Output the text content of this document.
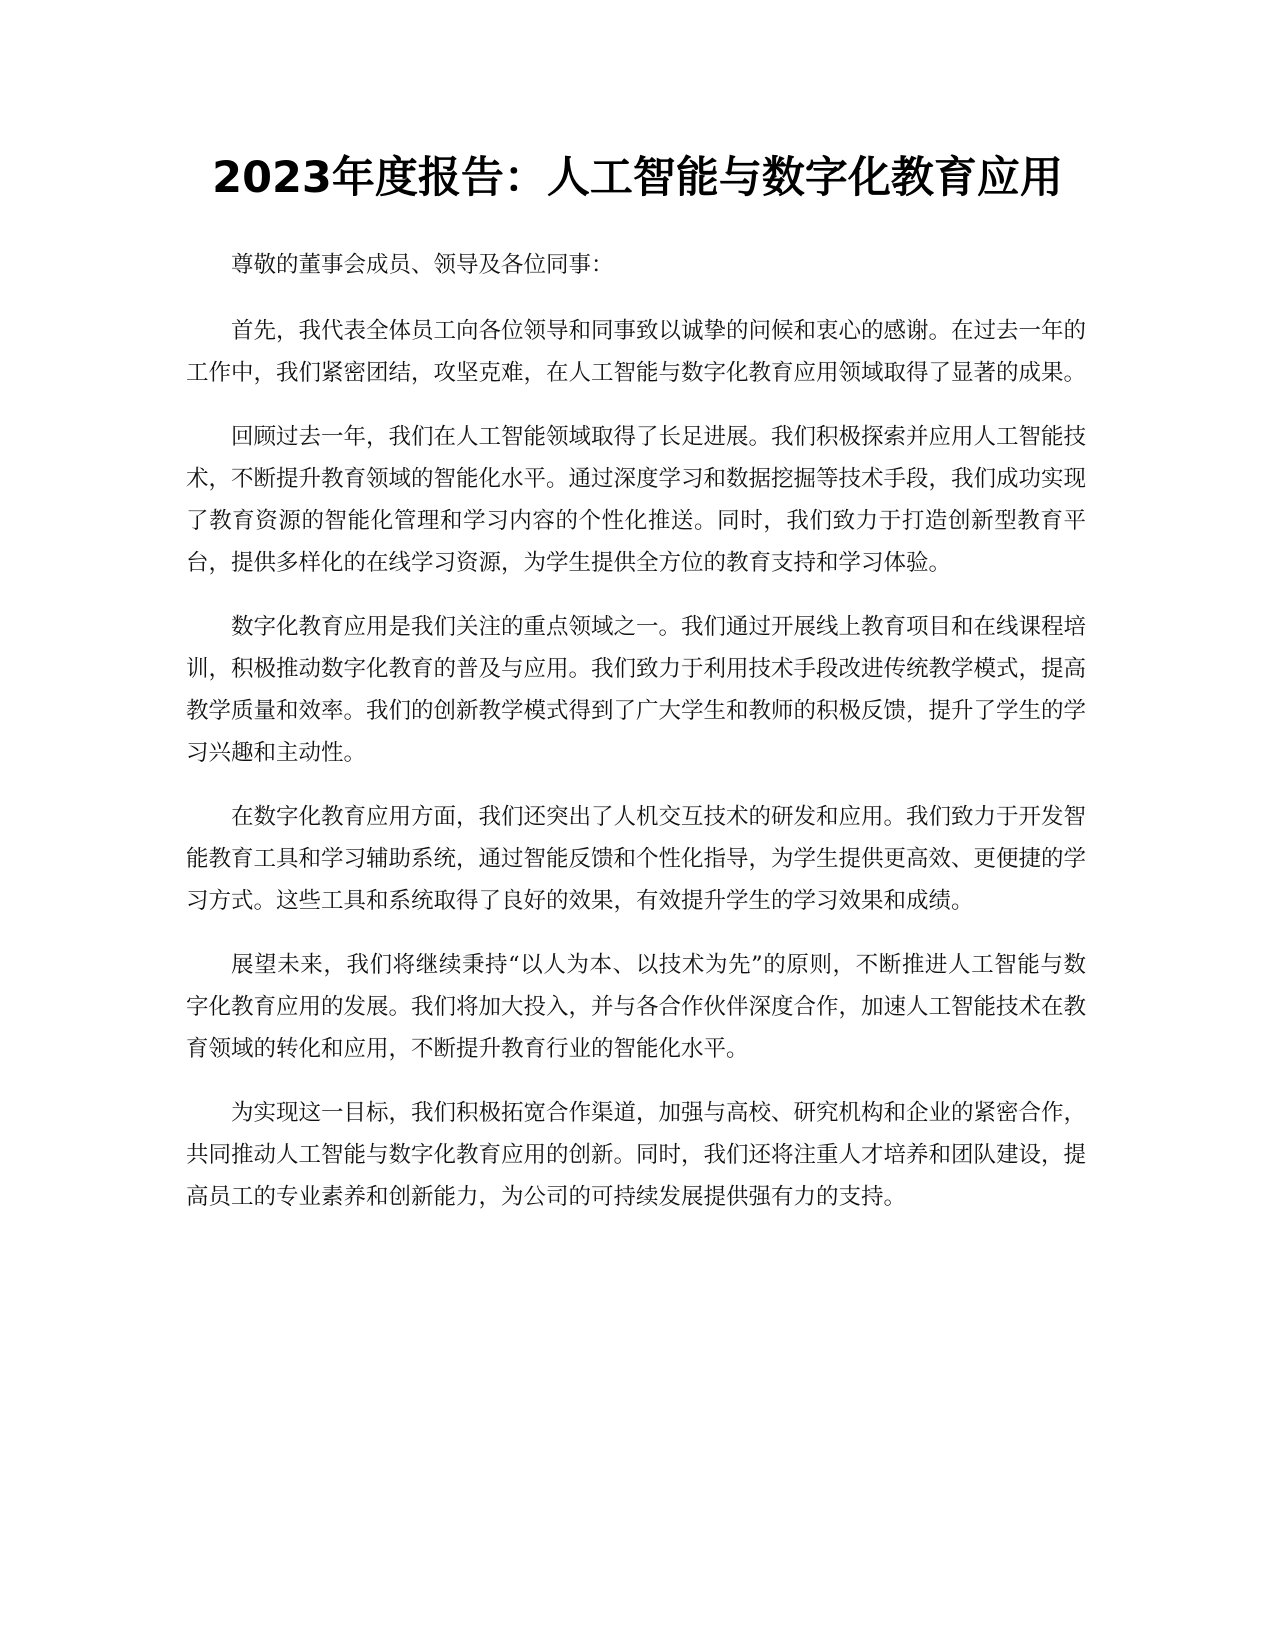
2023年度报告：人工智能与数字化教育应用

尊敬的董事会成员、领导及各位同事：

首先，我代表全体员工向各位领导和同事致以诚挚的问候和衷心的感谢。在过去一年的工作中，我们紧密团结，攻坚克难，在人工智能与数字化教育应用领域取得了显著的成果。

回顾过去一年，我们在人工智能领域取得了长足进展。我们积极探索并应用人工智能技术，不断提升教育领域的智能化水平。通过深度学习和数据挖掘等技术手段，我们成功实现了教育资源的智能化管理和学习内容的个性化推送。同时，我们致力于打造创新型教育平台，提供多样化的在线学习资源，为学生提供全方位的教育支持和学习体验。

数字化教育应用是我们关注的重点领域之一。我们通过开展线上教育项目和在线课程培训，积极推动数字化教育的普及与应用。我们致力于利用技术手段改进传统教学模式，提高教学质量和效率。我们的创新教学模式得到了广大学生和教师的积极反馈，提升了学生的学习兴趣和主动性。

在数字化教育应用方面，我们还突出了人机交互技术的研发和应用。我们致力于开发智能教育工具和学习辅助系统，通过智能反馈和个性化指导，为学生提供更高效、更便捷的学习方式。这些工具和系统取得了良好的效果，有效提升学生的学习效果和成绩。

展望未来，我们将继续秉持“以人为本、以技术为先”的原则，不断推进人工智能与数字化教育应用的发展。我们将加大投入，并与各合作伙伴深度合作，加速人工智能技术在教育领域的转化和应用，不断提升教育行业的智能化水平。

为实现这一目标，我们积极拓宽合作渠道，加强与高校、研究机构和企业的紧密合作，共同推动人工智能与数字化教育应用的创新。同时，我们还将注重人才培养和团队建设，提高员工的专业素养和创新能力，为公司的可持续发展提供强有力的支持。
